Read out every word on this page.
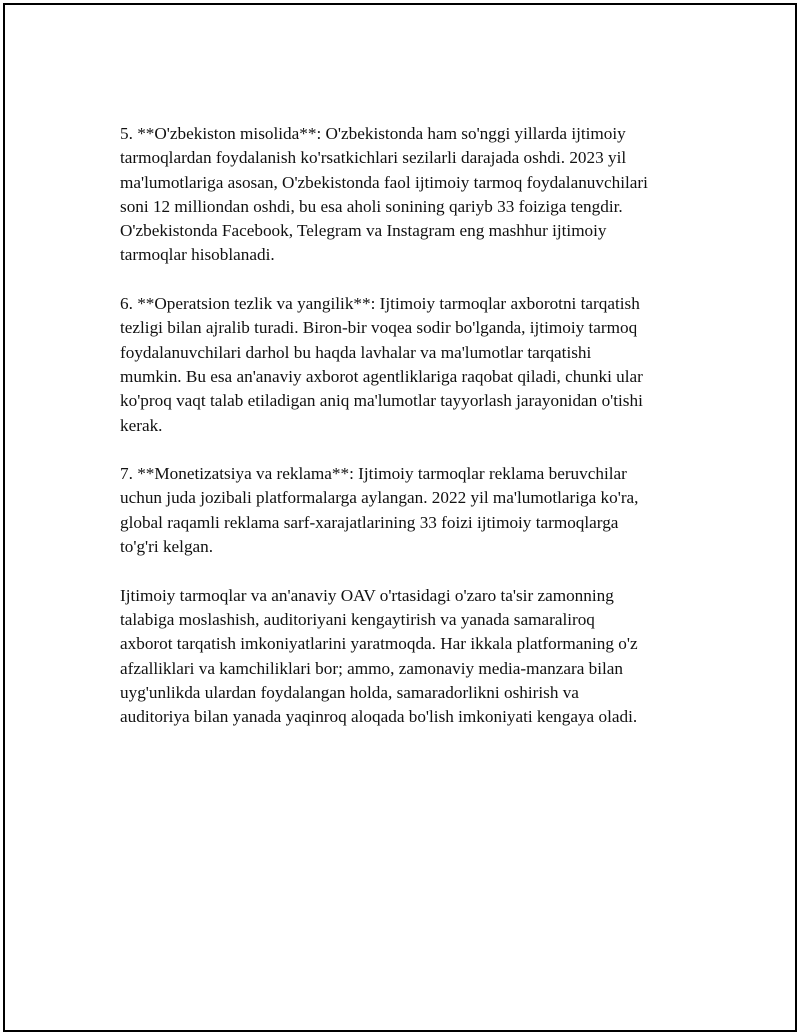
5. **O'zbekiston misolida**: O'zbekistonda ham so'nggi yillarda ijtimoiy
tarmoqlardan foydalanish ko'rsatkichlari sezilarli darajada oshdi. 2023 yil
ma'lumotlariga asosan, O'zbekistonda faol ijtimoiy tarmoq foydalanuvchilari
soni 12 milliondan oshdi, bu esa aholi sonining qariyb 33 foiziga tengdir.
O'zbekistonda Facebook, Telegram va Instagram eng mashhur ijtimoiy
tarmoqlar hisoblanadi.

6. **Operatsion tezlik va yangilik**: Ijtimoiy tarmoqlar axborotni tarqatish
tezligi bilan ajralib turadi. Biron-bir voqea sodir bo'lganda, ijtimoiy tarmoq
foydalanuvchilari darhol bu haqda lavhalar va ma'lumotlar tarqatishi
mumkin. Bu esa an'anaviy axborot agentliklariga raqobat qiladi, chunki ular
ko'proq vaqt talab etiladigan aniq ma'lumotlar tayyorlash jarayonidan o'tishi
kerak.

7. **Monetizatsiya va reklama**: Ijtimoiy tarmoqlar reklama beruvchilar
uchun juda jozibali platformalarga aylangan. 2022 yil ma'lumotlariga ko'ra,
global raqamli reklama sarf-xarajatlarining 33 foizi ijtimoiy tarmoqlarga
to'g'ri kelgan.

Ijtimoiy tarmoqlar va an'anaviy OAV o'rtasidagi o'zaro ta'sir zamonning
talabiga moslashish, auditoriyani kengaytirish va yanada samaraliroq
axborot tarqatish imkoniyatlarini yaratmoqda. Har ikkala platformaning o'z
afzalliklari va kamchiliklari bor; ammo, zamonaviy media-manzara bilan
uyg'unlikda ulardan foydalangan holda, samaradorlikni oshirish va
auditoriya bilan yanada yaqinroq aloqada bo'lish imkoniyati kengaya oladi.
